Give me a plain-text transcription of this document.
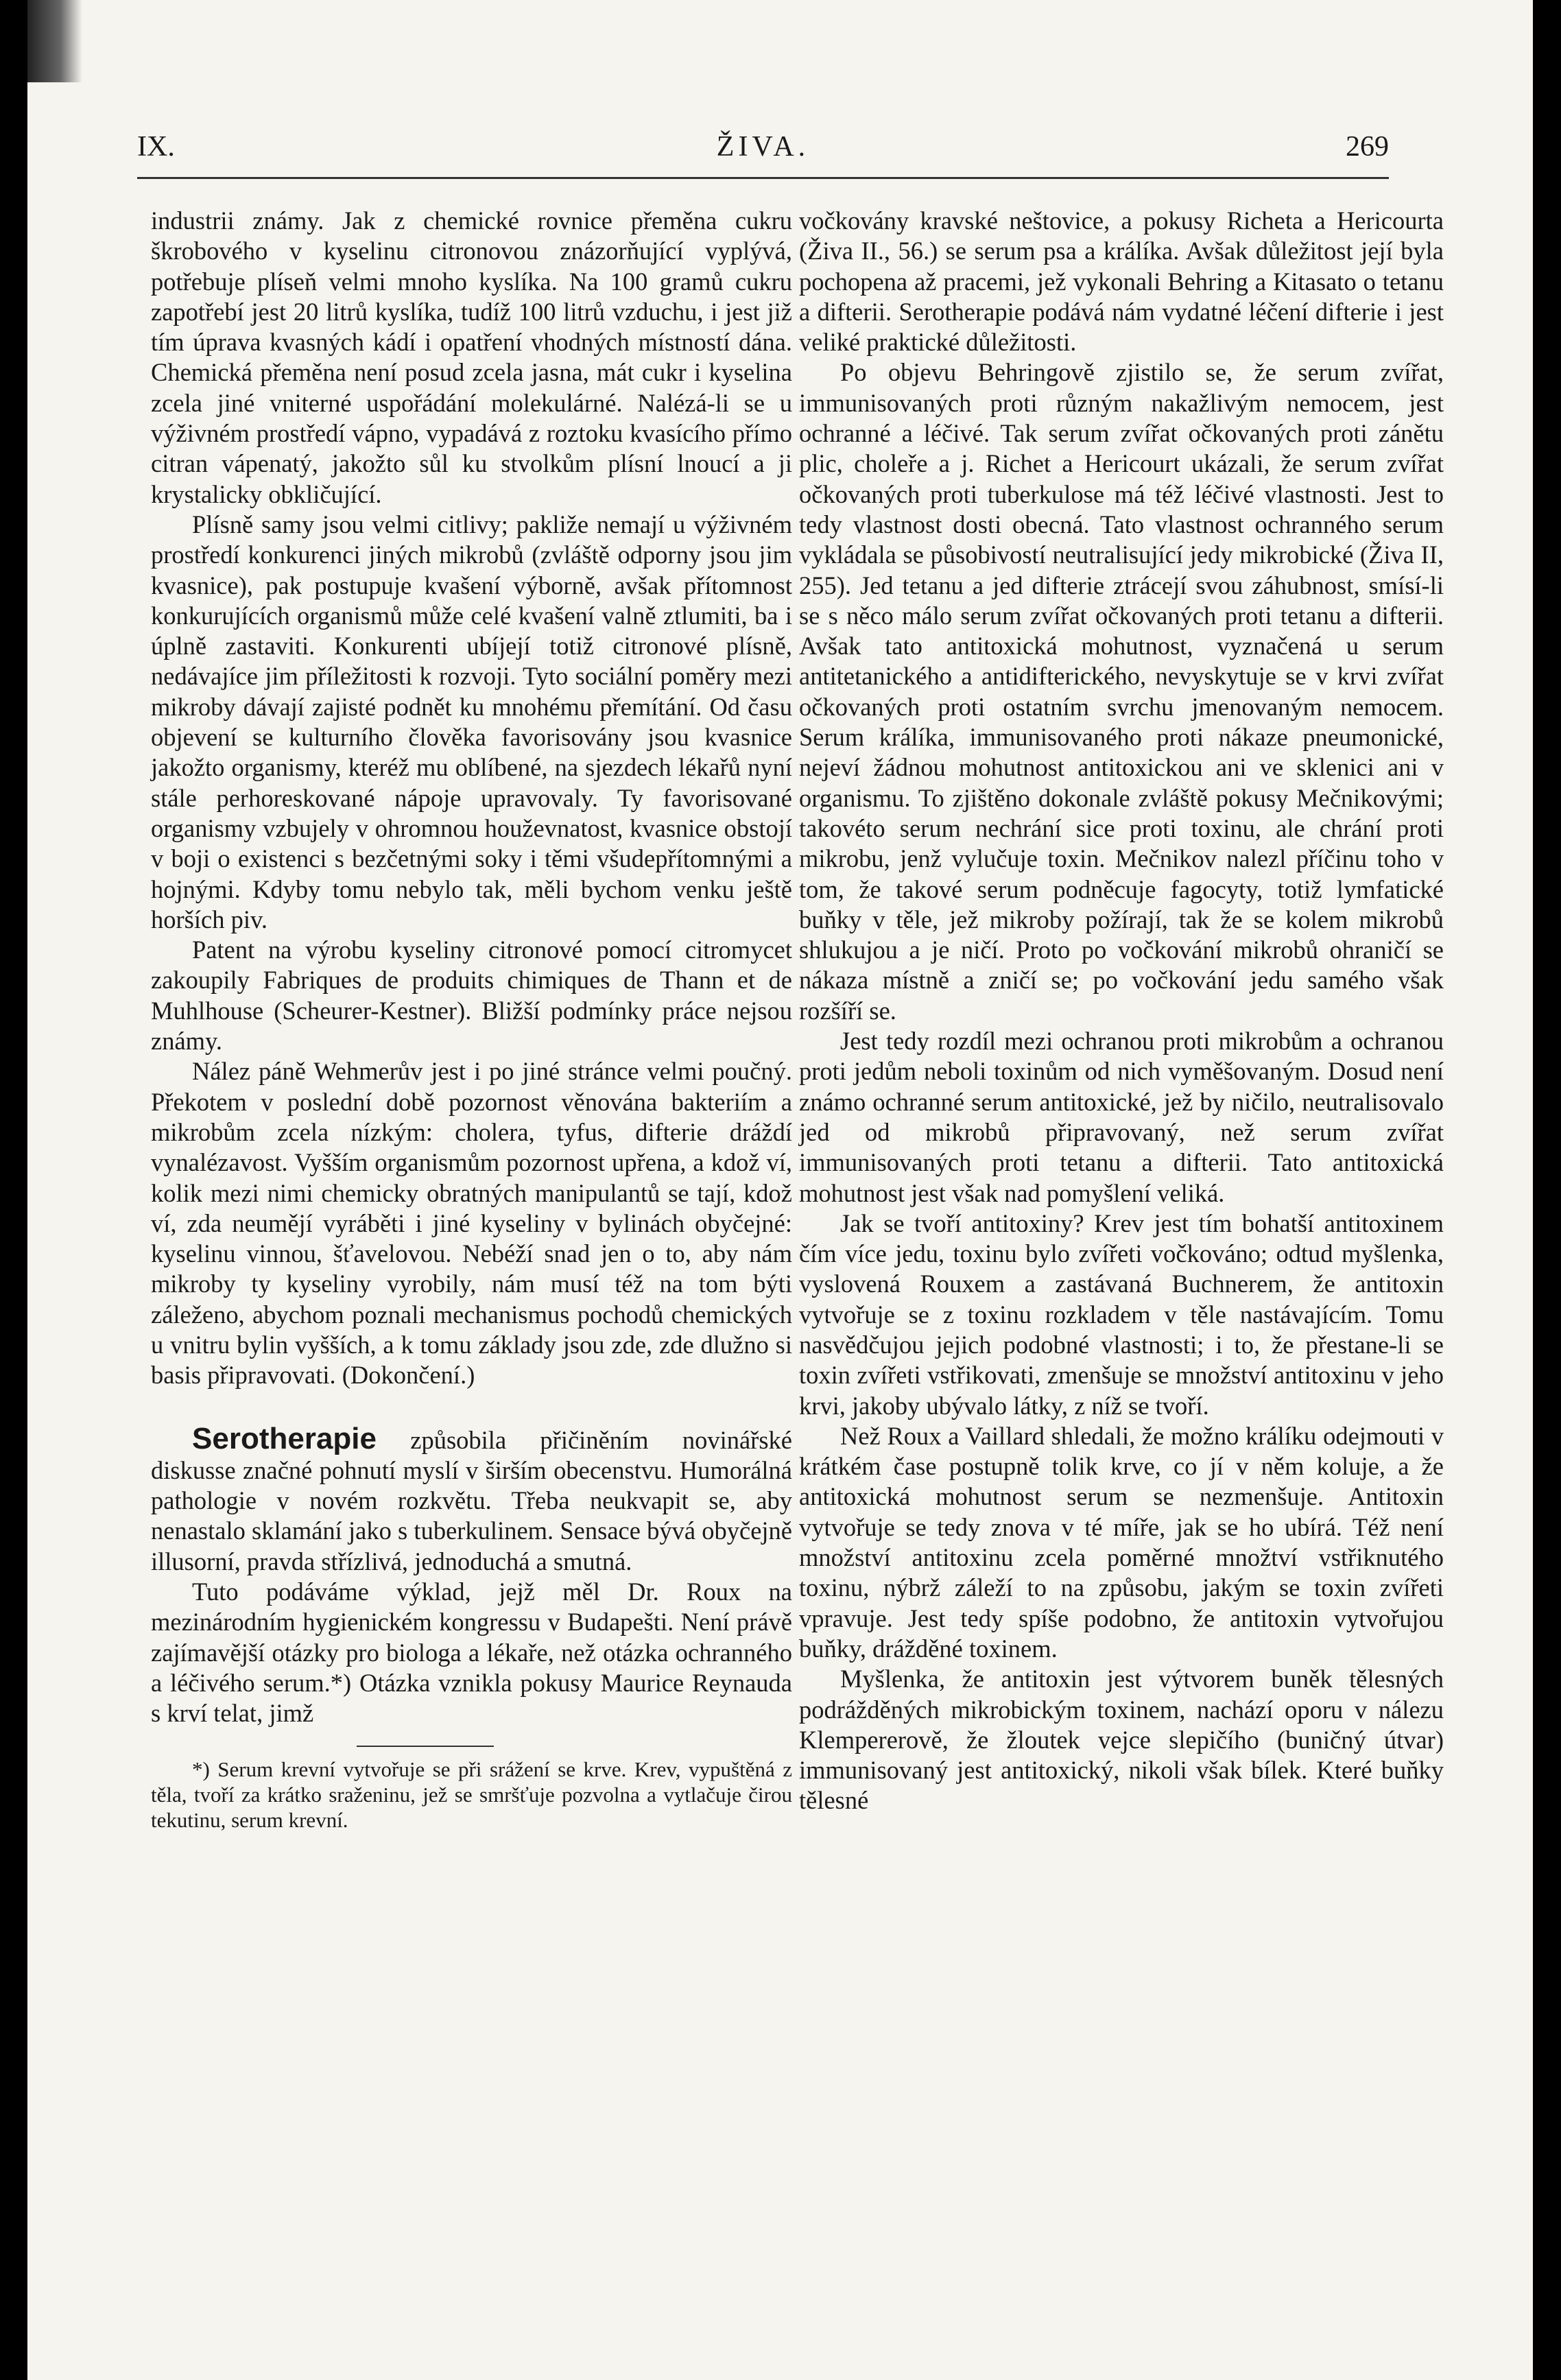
IX.	ŽIVA.	269

industrii známy. Jak z chemické rovnice přeměna cukru škrobového v kyselinu citronovou znázorňující vyplývá, potřebuje plíseň velmi mnoho kyslíka. Na 100 gramů cukru zapotřebí jest 20 litrů kyslíka, tudíž 100 litrů vzduchu, i jest již tím úprava kvasných kádí i opatření vhodných místností dána. Chemická přeměna není posud zcela jasna, mát cukr i kyselina zcela jiné vniterné uspořádání molekulárné. Nalézá-li se u výživném prostředí vápno, vypadává z roztoku kvasícího přímo citran vápenatý, jakožto sůl ku stvolkům plísní lnoucí a ji krystalicky obkličující.

Plísně samy jsou velmi citlivy; pakliže nemají u výživném prostředí konkurenci jiných mikrobů (zvláště odporny jsou jim kvasnice), pak postupuje kvašení výborně, avšak přítomnost konkurujících organismů může celé kvašení valně ztlumiti, ba i úplně zastaviti. Konkurenti ubíjejí totiž citronové plísně, nedávajíce jim příležitosti k rozvoji. Tyto sociální poměry mezi mikroby dávají zajisté podnět ku mnohému přemítání. Od času objevení se kulturního člověka favorisovány jsou kvasnice jakožto organismy, kteréž mu oblíbené, na sjezdech lékařů nyní stále perhoreskované nápoje upravovaly. Ty favorisované organismy vzbujely v ohromnou houževnatost, kvasnice obstojí v boji o existenci s bezčetnými soky i těmi všudepřítomnými a hojnými. Kdyby tomu nebylo tak, měli bychom venku ještě horších piv.

Patent na výrobu kyseliny citronové pomocí citromycet zakoupily Fabriques de produits chimiques de Thann et de Muhlhouse (Scheurer-Kestner). Bližší podmínky práce nejsou známy.

Nález páně Wehmerův jest i po jiné stránce velmi poučný. Překotem v poslední době pozornost věnována bakteriím a mikrobům zcela nízkým: cholera, tyfus, difterie dráždí vynalézavost. Vyšším organismům pozornost upřena, a kdož ví, kolik mezi nimi chemicky obratných manipulantů se tají, kdož ví, zda neumějí vyráběti i jiné kyseliny v bylinách obyčejné: kyselinu vinnou, šťavelovou. Nebéží snad jen o to, aby nám mikroby ty kyseliny vyrobily, nám musí též na tom býti záleženo, abychom poznali mechanismus pochodů chemických u vnitru bylin vyšších, a k tomu základy jsou zde, zde dlužno si basis připravovati. (Dokončení.)

Serotherapie způsobila přičiněním novinářské diskusse značné pohnutí myslí v širším obecenstvu. Humorálná pathologie v novém rozkvětu. Třeba neukvapit se, aby nenastalo sklamání jako s tuberkulinem. Sensace bývá obyčejně illusorní, pravda střízlivá, jednoduchá a smutná.

Tuto podáváme výklad, jejž měl Dr. Roux na mezinárodním hygienickém kongressu v Budapešti. Není právě zajímavější otázky pro biologa a lékaře, než otázka ochranného a léčivého serum.*) Otázka vznikla pokusy Maurice Reynauda s krví telat, jimž

*) Serum krevní vytvořuje se při srážení se krve. Krev, vypuštěná z těla, tvoří za krátko sraženinu, jež se smršťuje pozvolna a vytlačuje čirou tekutinu, serum krevní.

vočkovány kravské neštovice, a pokusy Richeta a Hericourta (Živa II., 56.) se serum psa a králíka. Avšak důležitost její byla pochopena až pracemi, jež vykonali Behring a Kitasato o tetanu a difterii. Serotherapie podává nám vydatné léčení difterie i jest veliké praktické důležitosti.

Po objevu Behringově zjistilo se, že serum zvířat, immunisovaných proti různým nakažlivým nemocem, jest ochranné a léčivé. Tak serum zvířat očkovaných proti zánětu plic, choleře a j. Richet a Hericourt ukázali, že serum zvířat očkovaných proti tuberkulose má též léčivé vlastnosti. Jest to tedy vlastnost dosti obecná. Tato vlastnost ochranného serum vykládala se působivostí neutralisující jedy mikrobické (Živa II, 255). Jed tetanu a jed difterie ztrácejí svou záhubnost, smísí-li se s něco málo serum zvířat očkovaných proti tetanu a difterii. Avšak tato antitoxická mohutnost, vyznačená u serum antitetanického a antidifterického, nevyskytuje se v krvi zvířat očkovaných proti ostatním svrchu jmenovaným nemocem. Serum králíka, immunisovaného proti nákaze pneumonické, nejeví žádnou mohutnost antitoxickou ani ve sklenici ani v organismu. To zjištěno dokonale zvláště pokusy Mečnikovými; takovéto serum nechrání sice proti toxinu, ale chrání proti mikrobu, jenž vylučuje toxin. Mečnikov nalezl příčinu toho v tom, že takové serum podněcuje fagocyty, totiž lymfatické buňky v těle, jež mikroby požírají, tak že se kolem mikrobů shlukujou a je ničí. Proto po vočkování mikrobů ohraničí se nákaza místně a zničí se; po vočkování jedu samého však rozšíří se.

Jest tedy rozdíl mezi ochranou proti mikrobům a ochranou proti jedům neboli toxinům od nich vyměšovaným. Dosud není známo ochranné serum antitoxické, jež by ničilo, neutralisovalo jed od mikrobů připravovaný, než serum zvířat immunisovaných proti tetanu a difterii. Tato antitoxická mohutnost jest však nad pomyšlení veliká.

Jak se tvoří antitoxiny? Krev jest tím bohatší antitoxinem čím více jedu, toxinu bylo zvířeti vočkováno; odtud myšlenka, vyslovená Rouxem a zastávaná Buchnerem, že antitoxin vytvořuje se z toxinu rozkladem v těle nastávajícím. Tomu nasvědčujou jejich podobné vlastnosti; i to, že přestane-li se toxin zvířeti vstřikovati, zmenšuje se množství antitoxinu v jeho krvi, jakoby ubývalo látky, z níž se tvoří.

Než Roux a Vaillard shledali, že možno králíku odejmouti v krátkém čase postupně tolik krve, co jí v něm koluje, a že antitoxická mohutnost serum se nezmenšuje. Antitoxin vytvořuje se tedy znova v té míře, jak se ho ubírá. Též není množství antitoxinu zcela poměrné množtví vstřiknutého toxinu, nýbrž záleží to na způsobu, jakým se toxin zvířeti vpravuje. Jest tedy spíše podobno, že antitoxin vytvořujou buňky, drážděné toxinem.

Myšlenka, že antitoxin jest výtvorem buněk tělesných podrážděných mikrobickým toxinem, nachází oporu v nálezu Klempererově, že žloutek vejce slepičího (buničný útvar) immunisovaný jest antitoxický, nikoli však bílek. Které buňky tělesné
